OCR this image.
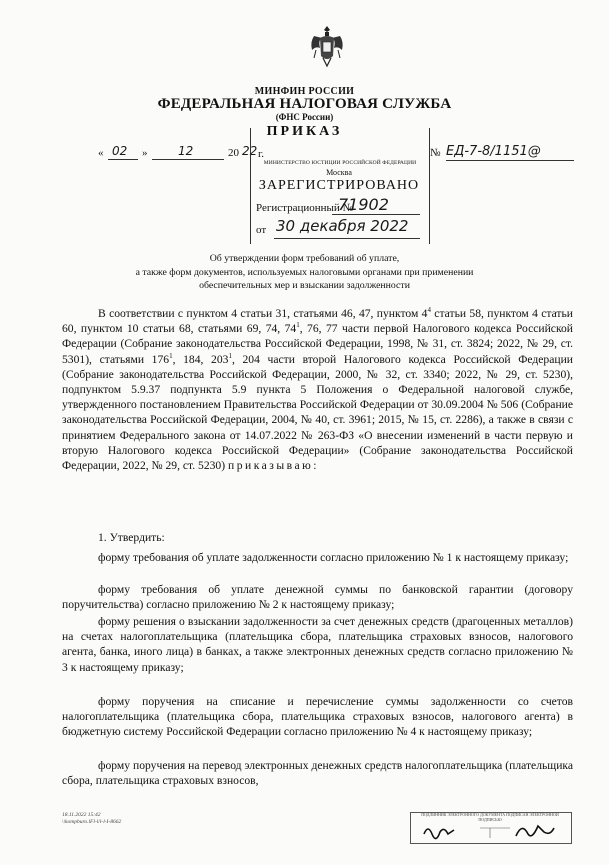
МИНФИН РОССИИ
ФЕДЕРАЛЬНАЯ НАЛОГОВАЯ СЛУЖБА
(ФНС России)
ПРИКАЗ
« 02 »	12	20 22 г.	№ ЕД-7-8/1151@
МИНИСТЕРСТВО ЮСТИЦИИ РОССИЙСКОЙ ФЕДЕРАЦИИ
Москва
ЗАРЕГИСТРИРОВАНО
Регистрационный №
71902
от 30 декабря 2022
Об утверждении форм требований об уплате,
а также форм документов, используемых налоговыми органами при применении
обеспечительных мер и взыскании задолженности

В соответствии с пунктом 4 статьи 31, статьями 46, 47, пунктом $4^4$ статьи 58, пунктом 4 статьи 60, пунктом 10 статьи 68, статьями 69, 74, $74^1$, 76, 77 части первой Налогового кодекса Российской Федерации (Собрание законодательства Российской Федерации, 1998, № 31, ст. 3824; 2022, № 29, ст. 5301), статьями $176^1$, 184, $203^1$, 204 части второй Налогового кодекса Российской Федерации (Собрание законодательства Российской Федерации, 2000, № 32, ст. 3340; 2022, № 29, ст. 5230), подпунктом 5.9.37 подпункта 5.9 пункта 5 Положения о Федеральной налоговой службе, утвержденного постановлением Правительства Российской Федерации от 30.09.2004 № 506 (Собрание законодательства Российской Федерации, 2004, № 40, ст. 3961; 2015, № 15, ст. 2286), а также в связи с принятием Федерального закона от 14.07.2022 № 263-ФЗ «О внесении изменений в части первую и вторую Налогового кодекса Российской Федерации» (Собрание законодательства Российской Федерации, 2022, № 29, ст. 5230) приказываю:

1. Утвердить:

форму требования об уплате задолженности согласно приложению № 1 к настоящему приказу;

форму требования об уплате денежной суммы по банковской гарантии (договору поручительства) согласно приложению № 2 к настоящему приказу;

форму решения о взыскании задолженности за счет денежных средств (драгоценных металлов) на счетах налогоплательщика (плательщика сбора, плательщика страховых взносов, налогового агента, банка, иного лица) в банках, а также электронных денежных средств согласно приложению № 3 к настоящему приказу;

форму поручения на списание и перечисление суммы задолженности со счетов налогоплательщика (плательщика сбора, плательщика страховых взносов, налогового агента) в бюджетную систему Российской Федерации согласно приложению № 4 к настоящему приказу;

форму поручения на перевод электронных денежных средств налогоплательщика (плательщика сбора, плательщика страховых взносов,

18.11.2022 15:42
\\kompburo.lFl-l/l-l-I-8662
ПОДЛИННИК ЭЛЕКТРОННОГО ДОКУМЕНТА ПОДПИСАН ЭЛЕКТРОННОЙ ПОДПИСЬЮ
